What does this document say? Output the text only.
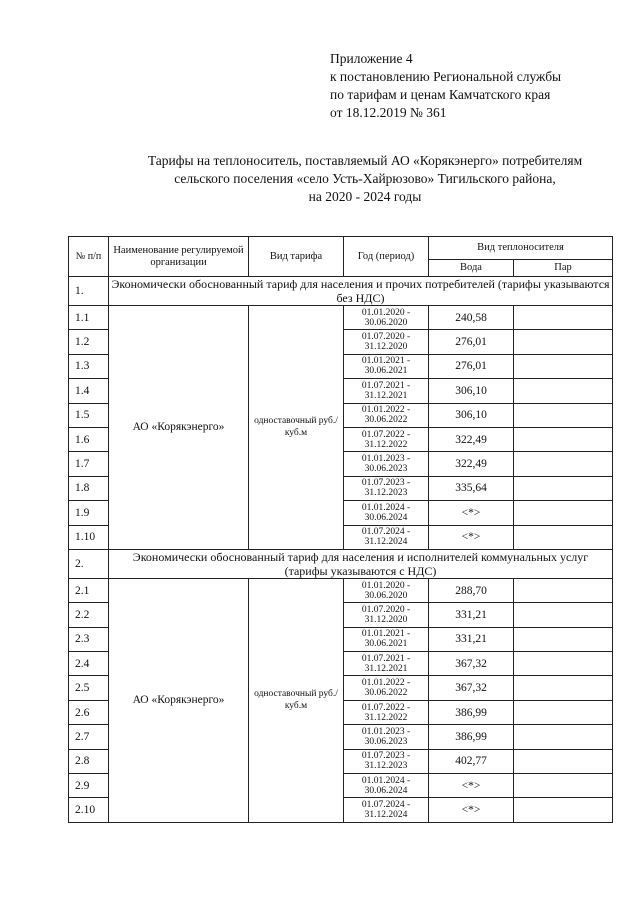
Приложение 4
к постановлению Региональной службы
по тарифам и ценам Камчатского края
от 18.12.2019 № 361
Тарифы на теплоноситель, поставляемый АО «Корякэнерго» потребителям
сельского поселения «село Усть-Хайрюзово» Тигильского района,
на 2020 - 2024 годы
№ п/п	Наименование регулируемой организации	Вид тарифа	Год (период)	Вид теплоносителя	
				Вода	Пар
1.	Экономически обоснованный тариф для населения и прочих потребителей (тарифы указываются без НДС)				
1.1	АО «Корякэнерго»	одноставочный руб./куб.м	01.01.2020 - 30.06.2020	240,58	
1.2			01.07.2020 - 31.12.2020	276,01	
1.3			01.01.2021 - 30.06.2021	276,01	
1.4			01.07.2021 - 31.12.2021	306,10	
1.5			01.01.2022 - 30.06.2022	306,10	
1.6			01.07.2022 - 31.12.2022	322,49	
1.7			01.01.2023 - 30.06.2023	322,49	
1.8			01.07.2023 - 31.12.2023	335,64	
1.9			01.01.2024 - 30.06.2024	<*>	
1.10			01.07.2024 - 31.12.2024	<*>	
2.	Экономически обоснованный тариф для населения и исполнителей коммунальных услуг (тарифы указываются с НДС)				
2.1	АО «Корякэнерго»	одноставочный руб./куб.м	01.01.2020 - 30.06.2020	288,70	
2.2			01.07.2020 - 31.12.2020	331,21	
2.3			01.01.2021 - 30.06.2021	331,21	
2.4			01.07.2021 - 31.12.2021	367,32	
2.5			01.01.2022 - 30.06.2022	367,32	
2.6			01.07.2022 - 31.12.2022	386,99	
2.7			01.01.2023 - 30.06.2023	386,99	
2.8			01.07.2023 - 31.12.2023	402,77	
2.9			01.01.2024 - 30.06.2024	<*>	
2.10			01.07.2024 - 31.12.2024	<*>	
